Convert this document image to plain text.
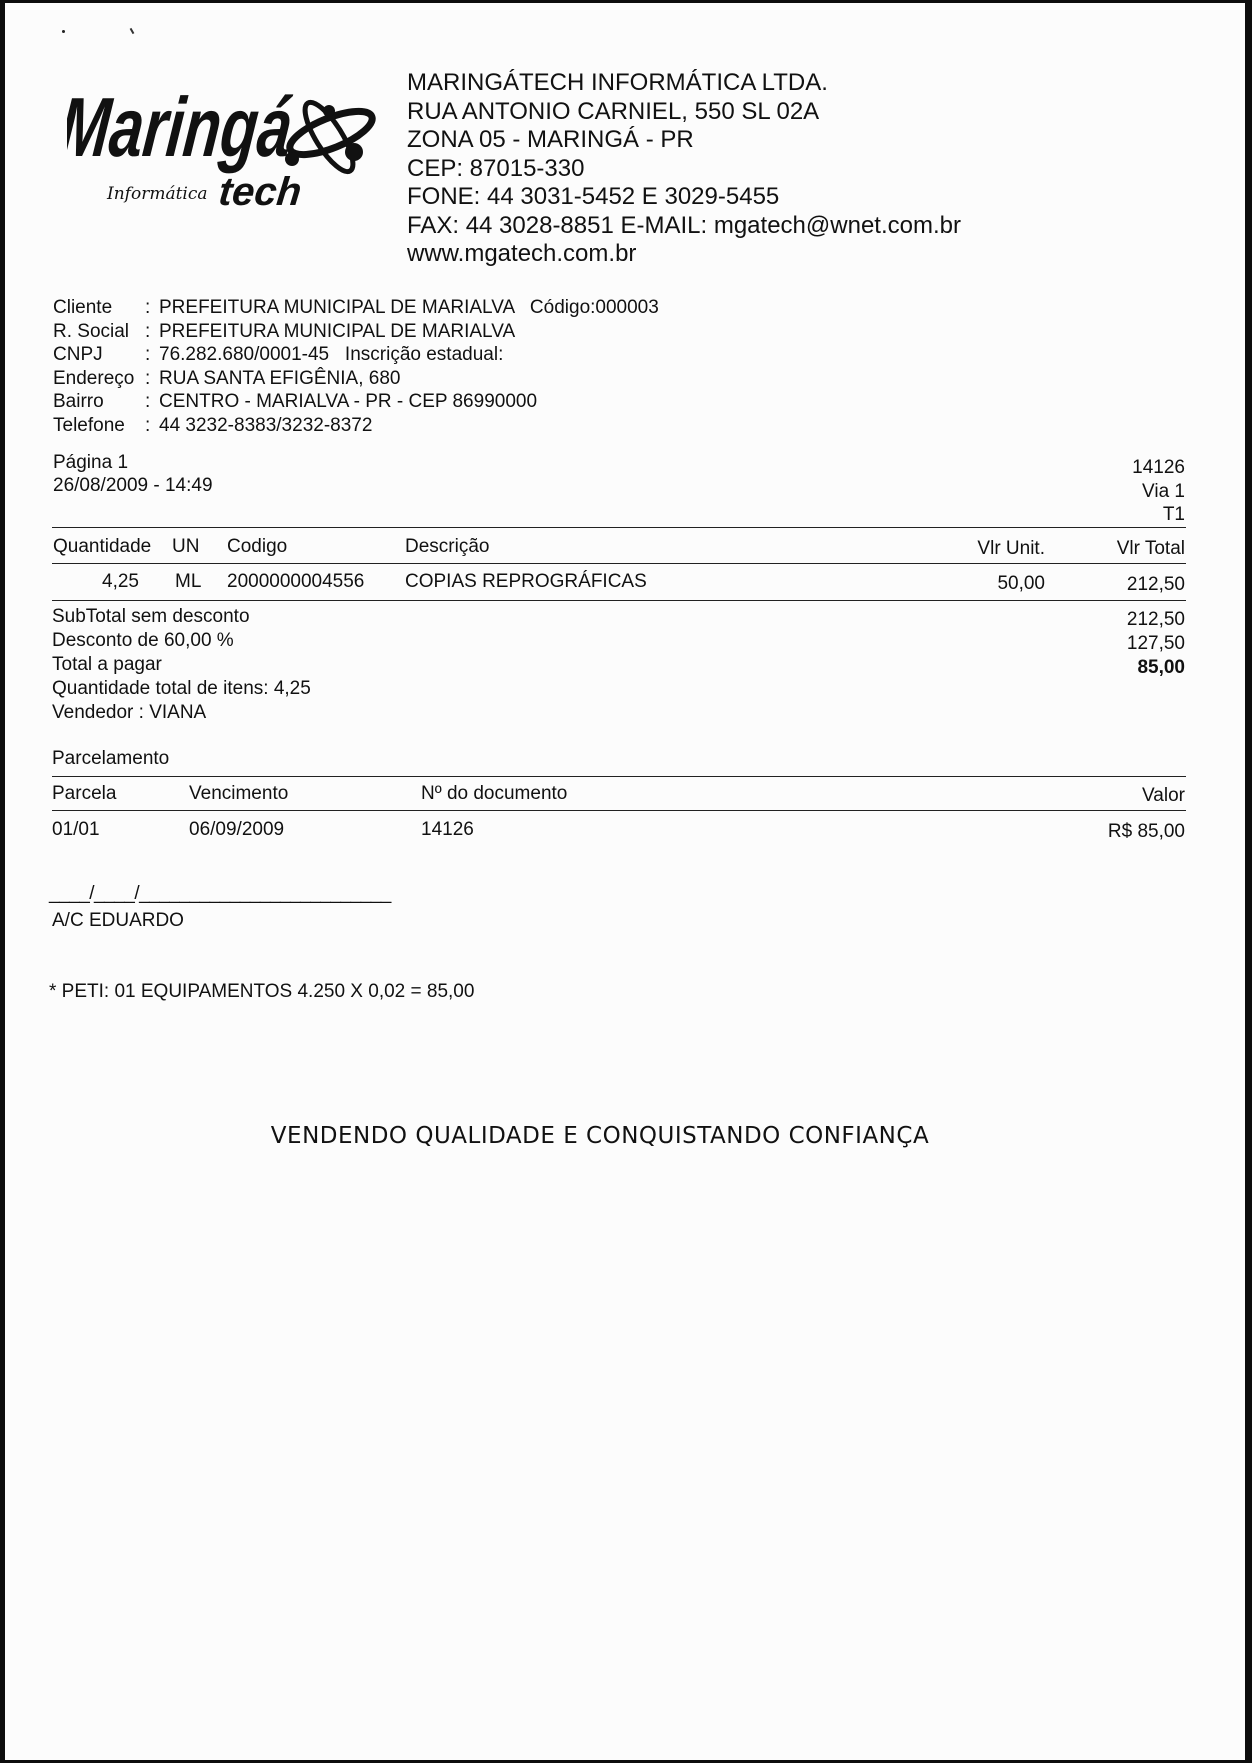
Maringá
Informática tech
MARINGÁTECH INFORMÁTICA LTDA.
RUA ANTONIO CARNIEL, 550 SL 02A
ZONA 05 - MARINGÁ - PR
CEP: 87015-330
FONE: 44 3031-5452 E 3029-5455
FAX: 44 3028-8851 E-MAIL: mgatech@wnet.com.br
www.mgatech.com.br
Cliente	: PREFEITURA MUNICIPAL DE MARIALVA   Código:000003
R. Social : PREFEITURA MUNICIPAL DE MARIALVA
CNPJ	: 76.282.680/0001-45   Inscrição estadual:
Endereço : RUA SANTA EFIGÊNIA, 680
Bairro	: CENTRO - MARIALVA - PR - CEP 86990000
Telefone	: 44 3232-8383/3232-8372
Página 1
26/08/2009 - 14:49
14126
Via 1
T1
Quantidade UN Codigo	Descrição	Vlr Unit.	Vlr Total
4,25 ML 2000000004556 COPIAS REPROGRÁFICAS	50,00	212,50
SubTotal sem desconto	212,50
Desconto de 60,00 %	127,50
Total a pagar	85,00
Quantidade total de itens: 4,25
Vendedor : VIANA
Parcelamento
Parcela	Vencimento	Nº do documento	Valor
01/01	06/09/2009	14126	R$ 85,00
____/____/_________________________
A/C EDUARDO
* PETI: 01 EQUIPAMENTOS 4.250 X 0,02 = 85,00
VENDENDO QUALIDADE E CONQUISTANDO CONFIANÇA
